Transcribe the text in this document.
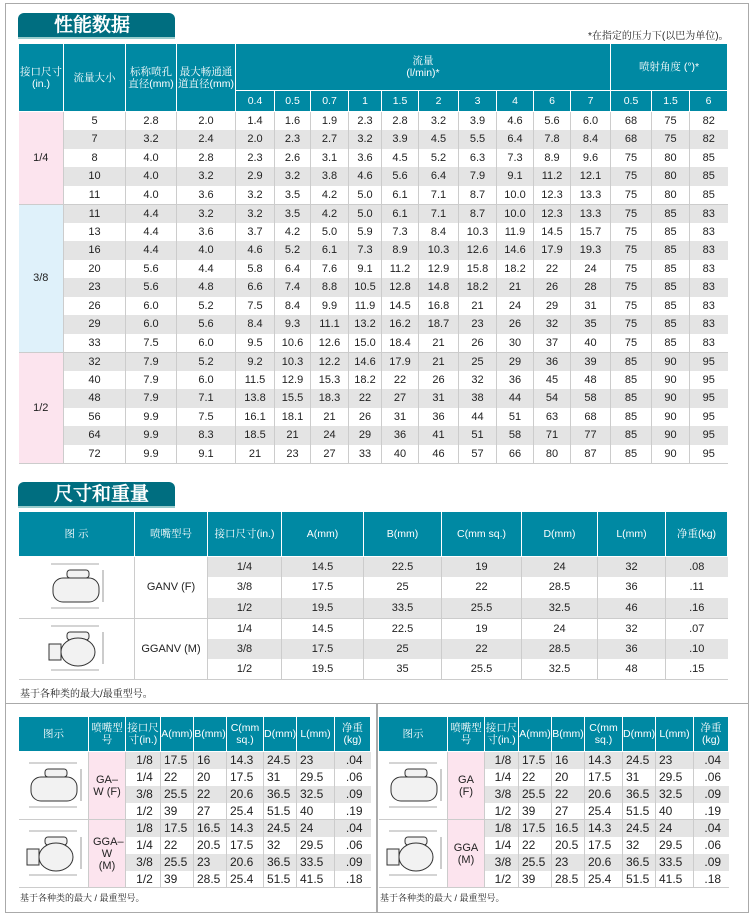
性能数据
*在指定的压力下(以巴为单位)。
接口尺寸(in.)	流量大小	标称喷孔直径(mm)	最大畅通通道直径(mm)	流量
(l/min)*										喷射角度 (°)*		
				0.4	0.5	0.7	1	1.5	2	3	4	6	7	0.5	1.5	6
1/4	5	2.8	2.0	1.4	1.6	1.9	2.3	2.8	3.2	3.9	4.6	5.6	6.0	68	75	82
	7	3.2	2.4	2.0	2.3	2.7	3.2	3.9	4.5	5.5	6.4	7.8	8.4	68	75	82
	8	4.0	2.8	2.3	2.6	3.1	3.6	4.5	5.2	6.3	7.3	8.9	9.6	75	80	85
	10	4.0	3.2	2.9	3.2	3.8	4.6	5.6	6.4	7.9	9.1	11.2	12.1	75	80	85
	11	4.0	3.6	3.2	3.5	4.2	5.0	6.1	7.1	8.7	10.0	12.3	13.3	75	80	85
3/8	11	4.4	3.2	3.2	3.5	4.2	5.0	6.1	7.1	8.7	10.0	12.3	13.3	75	85	83
	13	4.4	3.6	3.7	4.2	5.0	5.9	7.3	8.4	10.3	11.9	14.5	15.7	75	85	83
	16	4.4	4.0	4.6	5.2	6.1	7.3	8.9	10.3	12.6	14.6	17.9	19.3	75	85	83
	20	5.6	4.4	5.8	6.4	7.6	9.1	11.2	12.9	15.8	18.2	22	24	75	85	83
	23	5.6	4.8	6.6	7.4	8.8	10.5	12.8	14.8	18.2	21	26	28	75	85	83
	26	6.0	5.2	7.5	8.4	9.9	11.9	14.5	16.8	21	24	29	31	75	85	83
	29	6.0	5.6	8.4	9.3	11.1	13.2	16.2	18.7	23	26	32	35	75	85	83
	33	7.5	6.0	9.5	10.6	12.6	15.0	18.4	21	26	30	37	40	75	85	83
1/2	32	7.9	5.2	9.2	10.3	12.2	14.6	17.9	21	25	29	36	39	85	90	95
	40	7.9	6.0	11.5	12.9	15.3	18.2	22	26	32	36	45	48	85	90	95
	48	7.9	7.1	13.8	15.5	18.3	22	27	31	38	44	54	58	85	90	95
	56	9.9	7.5	16.1	18.1	21	26	31	36	44	51	63	68	85	90	95
	64	9.9	8.3	18.5	21	24	29	36	41	51	58	71	77	85	90	95
	72	9.9	9.1	21	23	27	33	40	46	57	66	80	87	85	90	95
尺寸和重量
图 示	喷嘴型号	接口尺寸(in.)	A(mm)	B(mm)	C(mm sq.)	D(mm)	L(mm)	净重(kg)
	GANV (F)	1/4	14.5	22.5	19	24	32	.08
		3/8	17.5	25	22	28.5	36	.11
		1/2	19.5	33.5	25.5	32.5	46	.16
	GGANV (M)	1/4	14.5	22.5	19	24	32	.07
		3/8	17.5	25	22	28.5	36	.10
		1/2	19.5	35	25.5	32.5	48	.15
基于各种类的最大/最重型号。
图示	喷嘴型号	接口尺寸(in.)	A(mm)	B(mm)	C(mm sq.)	D(mm)	L(mm)	净重(kg)
	GA–W (F)	1/8	17.5	16	14.3	24.5	23	.04
		1/4	22	20	17.5	31	29.5	.06
		3/8	25.5	22	20.6	36.5	32.5	.09
		1/2	39	27	25.4	51.5	40	.19
	GGA–W (M)	1/8	17.5	16.5	14.3	24.5	24	.04
		1/4	22	20.5	17.5	32	29.5	.06
		3/8	25.5	23	20.6	36.5	33.5	.09
		1/2	39	28.5	25.4	51.5	41.5	.18
基于各种类的最大 / 最重型号。
图示	喷嘴型号	接口尺寸(in.)	A(mm)	B(mm)	C(mm sq.)	D(mm)	L(mm)	净重(kg)
	GA (F)	1/8	17.5	16	14.3	24.5	23	.04
		1/4	22	20	17.5	31	29.5	.06
		3/8	25.5	22	20.6	36.5	32.5	.09
		1/2	39	27	25.4	51.5	40	.19
	GGA (M)	1/8	17.5	16.5	14.3	24.5	24	.04
		1/4	22	20.5	17.5	32	29.5	.06
		3/8	25.5	23	20.6	36.5	33.5	.09
		1/2	39	28.5	25.4	51.5	41.5	.18
基于各种类的最大 / 最重型号。
